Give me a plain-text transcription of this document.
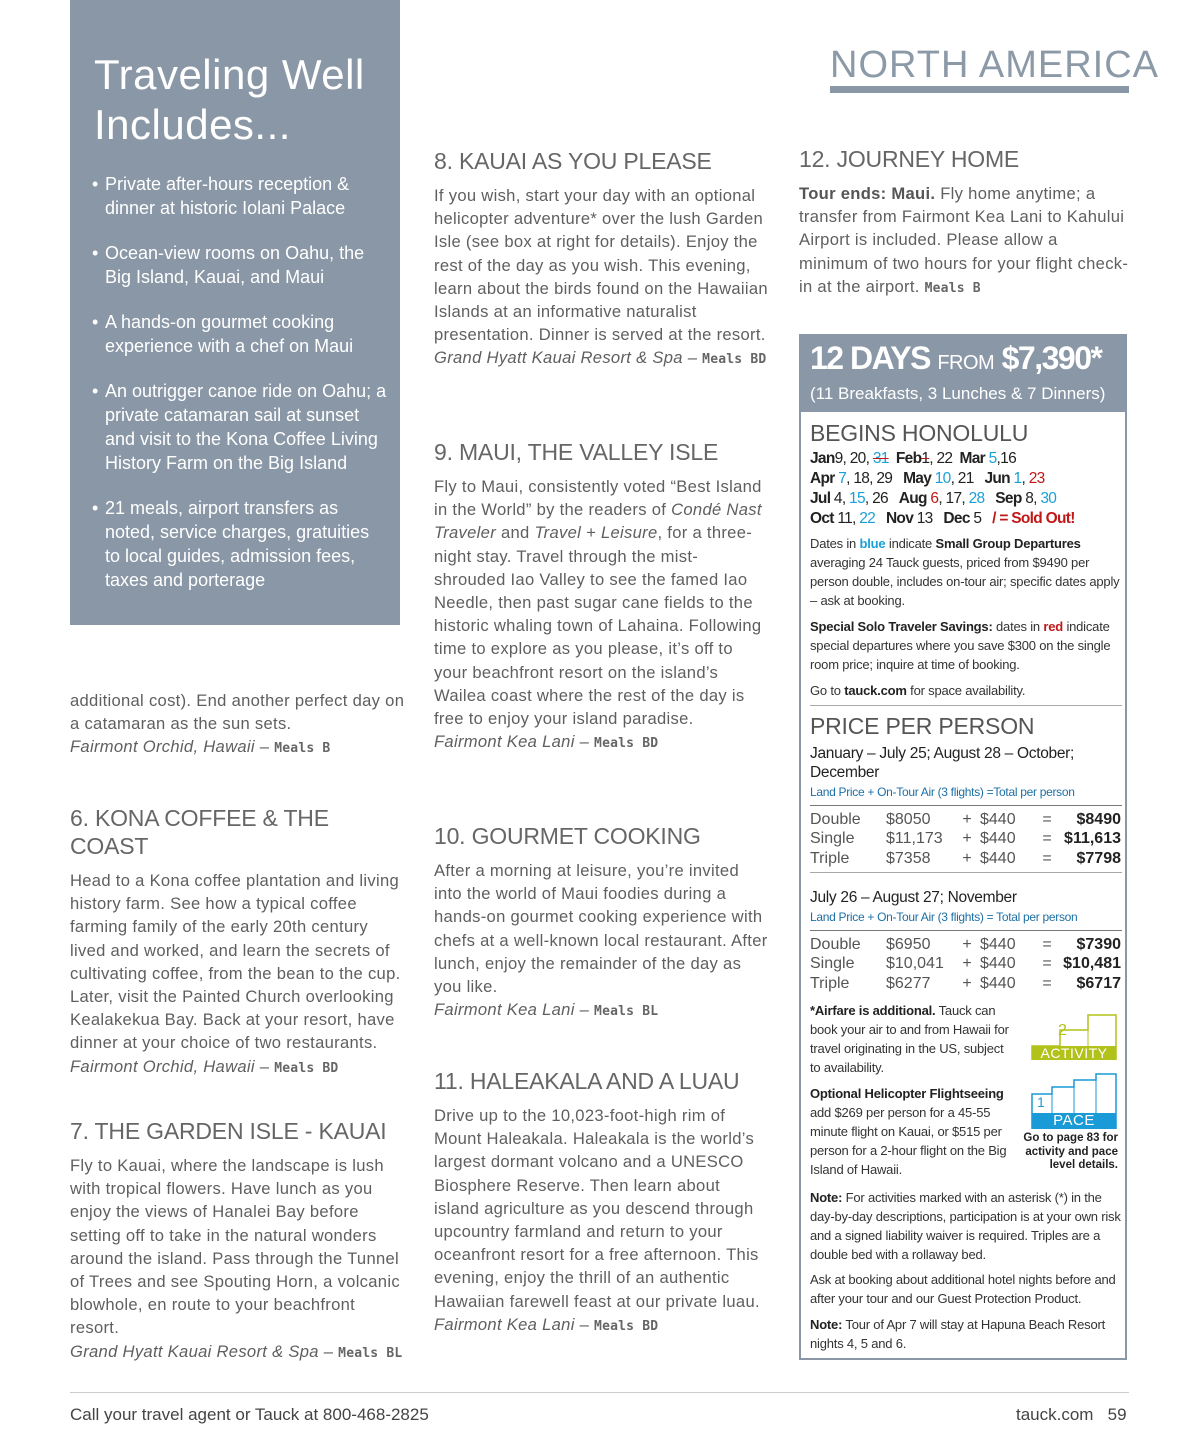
Traveling Well
Includes...
• Private after-hours reception & dinner at historic Iolani Palace
• Ocean-view rooms on Oahu, the Big Island, Kauai, and Maui
• A hands-on gourmet cooking experience with a chef on Maui
• An outrigger canoe ride on Oahu; a private catamaran sail at sunset and visit to the Kona Coffee Living History Farm on the Big Island
• 21 meals, airport transfers as noted, service charges, gratuities to local guides, admission fees, taxes and porterage

additional cost). End another perfect day on a catamaran as the sun sets.
Fairmont Orchid, Hawaii – Meals B

6. KONA COFFEE & THE COAST

Head to a Kona coffee plantation and living history farm. See how a typical coffee farming family of the early 20th century lived and worked, and learn the secrets of cultivating coffee, from the bean to the cup. Later, visit the Painted Church overlooking Kealakekua Bay. Back at your resort, have dinner at your choice of two restaurants.
Fairmont Orchid, Hawaii – Meals BD

7. THE GARDEN ISLE - KAUAI

Fly to Kauai, where the landscape is lush with tropical flowers. Have lunch as you enjoy the views of Hanalei Bay before setting off to take in the natural wonders around the island. Pass through the Tunnel of Trees and see Spouting Horn, a volcanic blowhole, en route to your beachfront resort.
Grand Hyatt Kauai Resort & Spa – Meals BL

8. KAUAI AS YOU PLEASE

If you wish, start your day with an optional helicopter adventure* over the lush Garden Isle (see box at right for details). Enjoy the rest of the day as you wish. This evening, learn about the birds found on the Hawaiian Islands at an informative naturalist presentation. Dinner is served at the resort. Grand Hyatt Kauai Resort & Spa – Meals BD

9. MAUI, THE VALLEY ISLE

Fly to Maui, consistently voted “Best Island in the World” by the readers of Condé Nast Traveler and Travel + Leisure, for a three-night stay. Travel through the mist-shrouded Iao Valley to see the famed Iao Needle, then past sugar cane fields to the historic whaling town of Lahaina. Following time to explore as you please, it’s off to your beachfront resort on the island’s Wailea coast where the rest of the day is free to enjoy your island paradise.
Fairmont Kea Lani – Meals BD

10. GOURMET COOKING

After a morning at leisure, you’re invited into the world of Maui foodies during a hands-on gourmet cooking experience with chefs at a well-known local restaurant. After lunch, enjoy the remainder of the day as you like.
Fairmont Kea Lani – Meals BL

11. HALEAKALA AND A LUAU

Drive up to the 10,023-foot-high rim of Mount Haleakala. Haleakala is the world’s largest dormant volcano and a UNESCO Biosphere Reserve. Then learn about island agriculture as you descend through upcountry farmland and return to your oceanfront resort for a free afternoon. This evening, enjoy the thrill of an authentic Hawaiian farewell feast at our private luau.
Fairmont Kea Lani – Meals BD

NORTH AMERICA
12. JOURNEY HOME

Tour ends: Maui. Fly home anytime; a transfer from Fairmont Kea Lani to Kahului Airport is included. Please allow a minimum of two hours for your flight check-in at the airport. Meals B

12 DAYS FROM $7,390*
(11 Breakfasts, 3 Lunches & 7 Dinners)
BEGINS HONOLULU
Jan9, 20, 31 Feb1, 22 Mar 5,16
Apr 7, 18, 29 May 10, 21 Jun 1, 23
Jul 4, 15, 26 Aug 6, 17, 28 Sep 8, 30
Oct 11, 22 Nov 13 Dec 5 / = Sold Out!
Dates in blue indicate Small Group Departures averaging 24 Tauck guests, priced from $9490 per person double, includes on-tour air; specific dates apply – ask at booking.
Special Solo Traveler Savings: dates in red indicate special departures where you save $300 on the single room price; inquire at time of booking.
Go to tauck.com for space availability.
PRICE PER PERSON
January – July 25; August 28 – October; December
Land Price + On-Tour Air (3 flights) =Total per person
Double	$8050	+	$440	=	$8490
Single	$11,173	+	$440	=	$11,613
Triple	$7358	+	$440	=	$7798
July 26 – August 27; November
Land Price + On-Tour Air (3 flights) = Total per person
Double	$6950	+	$440	=	$7390
Single	$10,041	+	$440	=	$10,481
Triple	$6277	+	$440	=	$6717
*Airfare is additional. Tauck can book your air to and from Hawaii for travel originating in the US, subject to availability.
Optional Helicopter Flightseeing add $269 per person for a 45-55 minute flight on Kauai, or $515 per person for a 2-hour flight on the Big Island of Hawaii.
2
ACTIVITY
1
PACE
Go to page 83 for activity and pace level details.
Note: For activities marked with an asterisk (*) in the day-by-day descriptions, participation is at your own risk and a signed liability waiver is required. Triples are a double bed with a rollaway bed.
Ask at booking about additional hotel nights before and after your tour and our Guest Protection Product.
Note: Tour of Apr 7 will stay at Hapuna Beach Resort nights 4, 5 and 6.
Call your travel agent or Tauck at 800-468-2825	tauck.com   59
